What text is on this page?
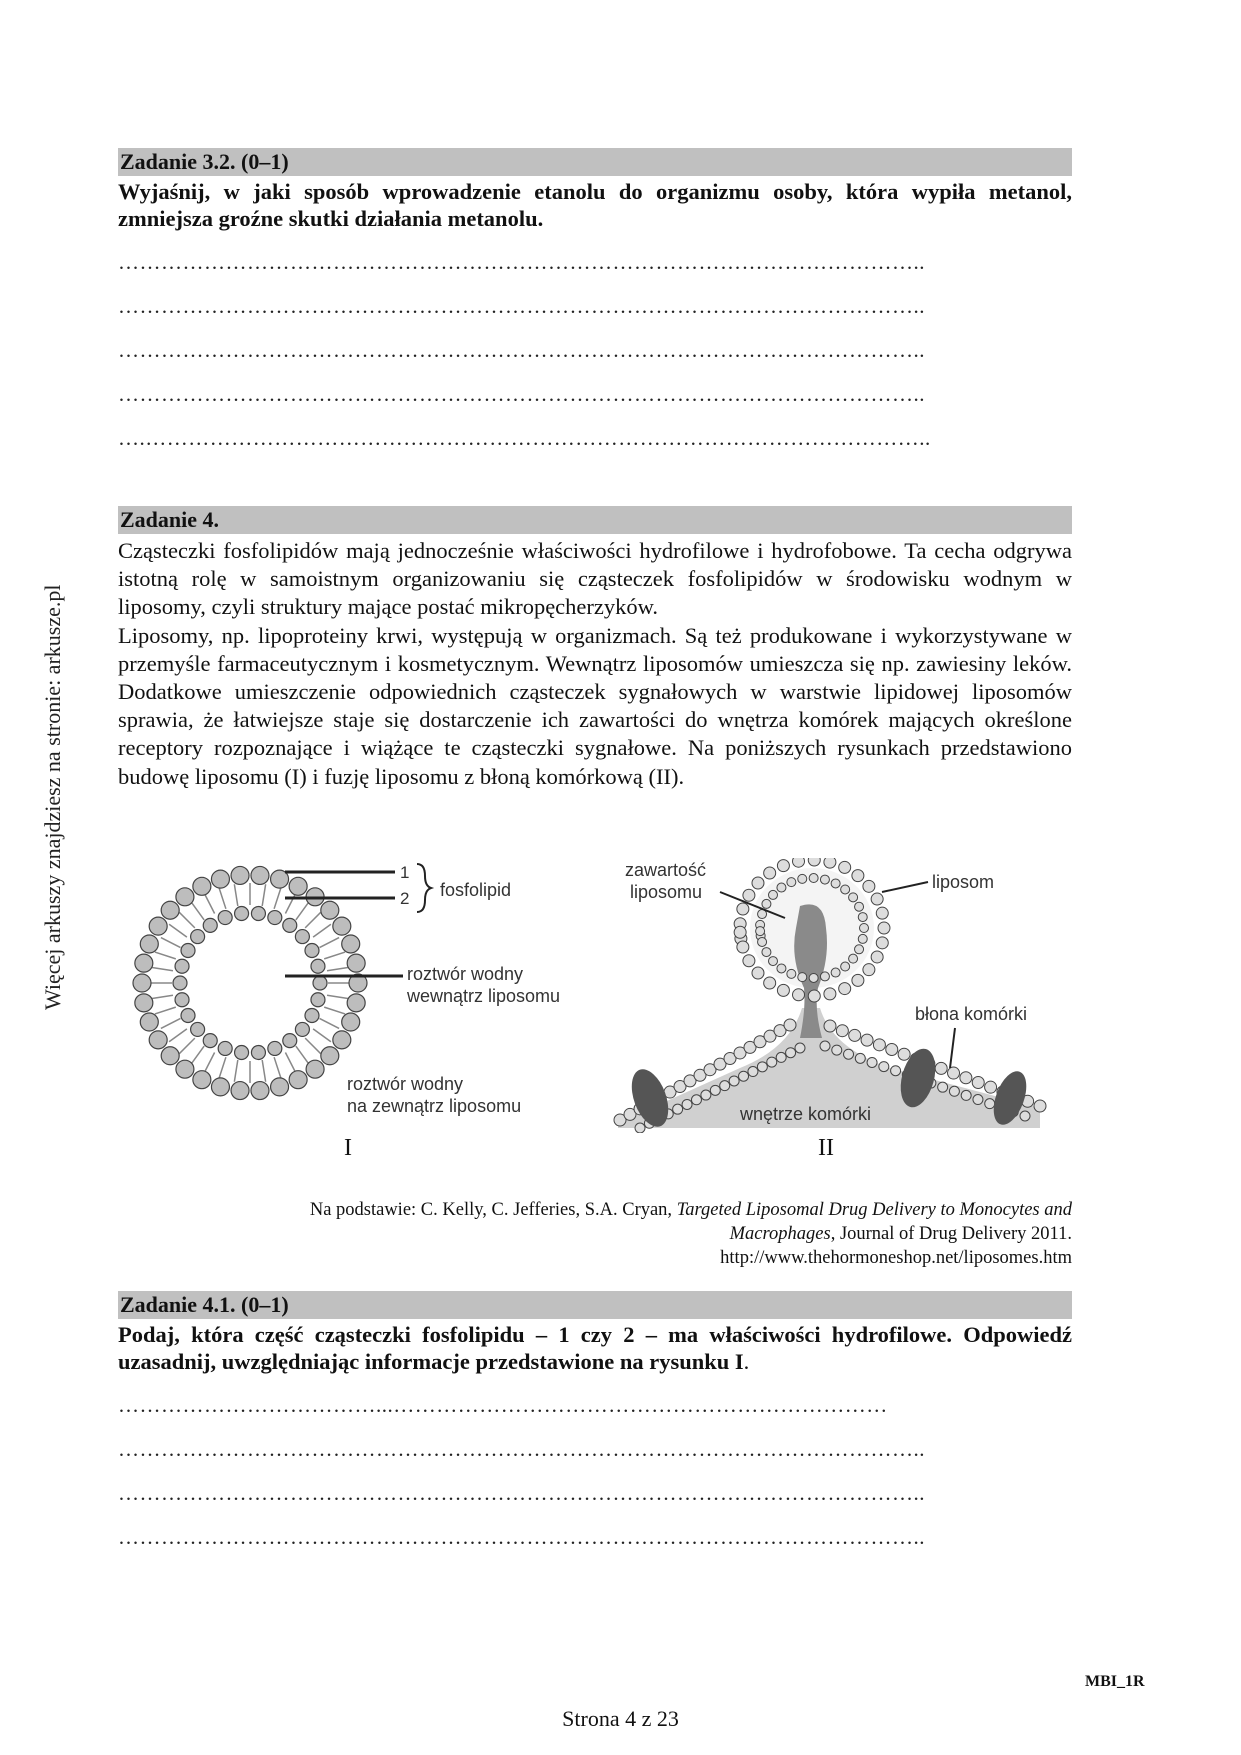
Więcej arkuszy znajdziesz na stronie: arkusze.pl
Zadanie 3.2. (0–1)
Wyjaśnij, w jaki sposób wprowadzenie etanolu do organizmu osoby, która wypiła metanol, zmniejsza groźne skutki działania metanolu.
…………………………………………………………………………………………………..
…………………………………………………………………………………………………..
…………………………………………………………………………………………………..
…………………………………………………………………………………………………..
….………………………………………………………………………………………………..
Zadanie 4.

Cząsteczki fosfolipidów mają jednocześnie właściwości hydrofilowe i hydrofobowe. Ta cecha odgrywa istotną rolę w samoistnym organizowaniu się cząsteczek fosfolipidów w środowisku wodnym w liposomy, czyli struktury mające postać mikropęcherzyków.

Liposomy, np. lipoproteiny krwi, występują w organizmach. Są też produkowane i wykorzystywane w przemyśle farmaceutycznym i kosmetycznym. Wewnątrz liposomów umieszcza się np. zawiesiny leków. Dodatkowe umieszczenie odpowiednich cząsteczek sygnałowych w warstwie lipidowej liposomów sprawia, że łatwiejsze staje się dostarczenie ich zawartości do wnętrza komórek mających określone receptory rozpoznające i wiążące te cząsteczki sygnałowe. Na poniższych rysunkach przedstawiono budowę liposomu (I) i fuzję liposomu z błoną komórkową (II).

1
2 fosfolipid
roztwór wodny
wewnątrz liposomu
roztwór wodny
na zewnątrz liposomu
I
zawartość
liposomu	liposom
błona komórki
wnętrze komórki
II
Na podstawie: C. Kelly, C. Jefferies, S.A. Cryan, Targeted Liposomal Drug Delivery to Monocytes and
Macrophages, Journal of Drug Delivery 2011.
http://www.thehormoneshop.net/liposomes.htm
Zadanie 4.1. (0–1)
Podaj, która część cząsteczki fosfolipidu – 1 czy 2 – ma właściwości hydrofilowe. Odpowiedź uzasadnij, uwzględniając informacje przedstawione na rysunku I.
………………………………...……………………………………………………………
…………………………………………………………………………………………………..
…………………………………………………………………………………………………..
…………………………………………………………………………………………………..
MBI_1R
Strona 4 z 23
